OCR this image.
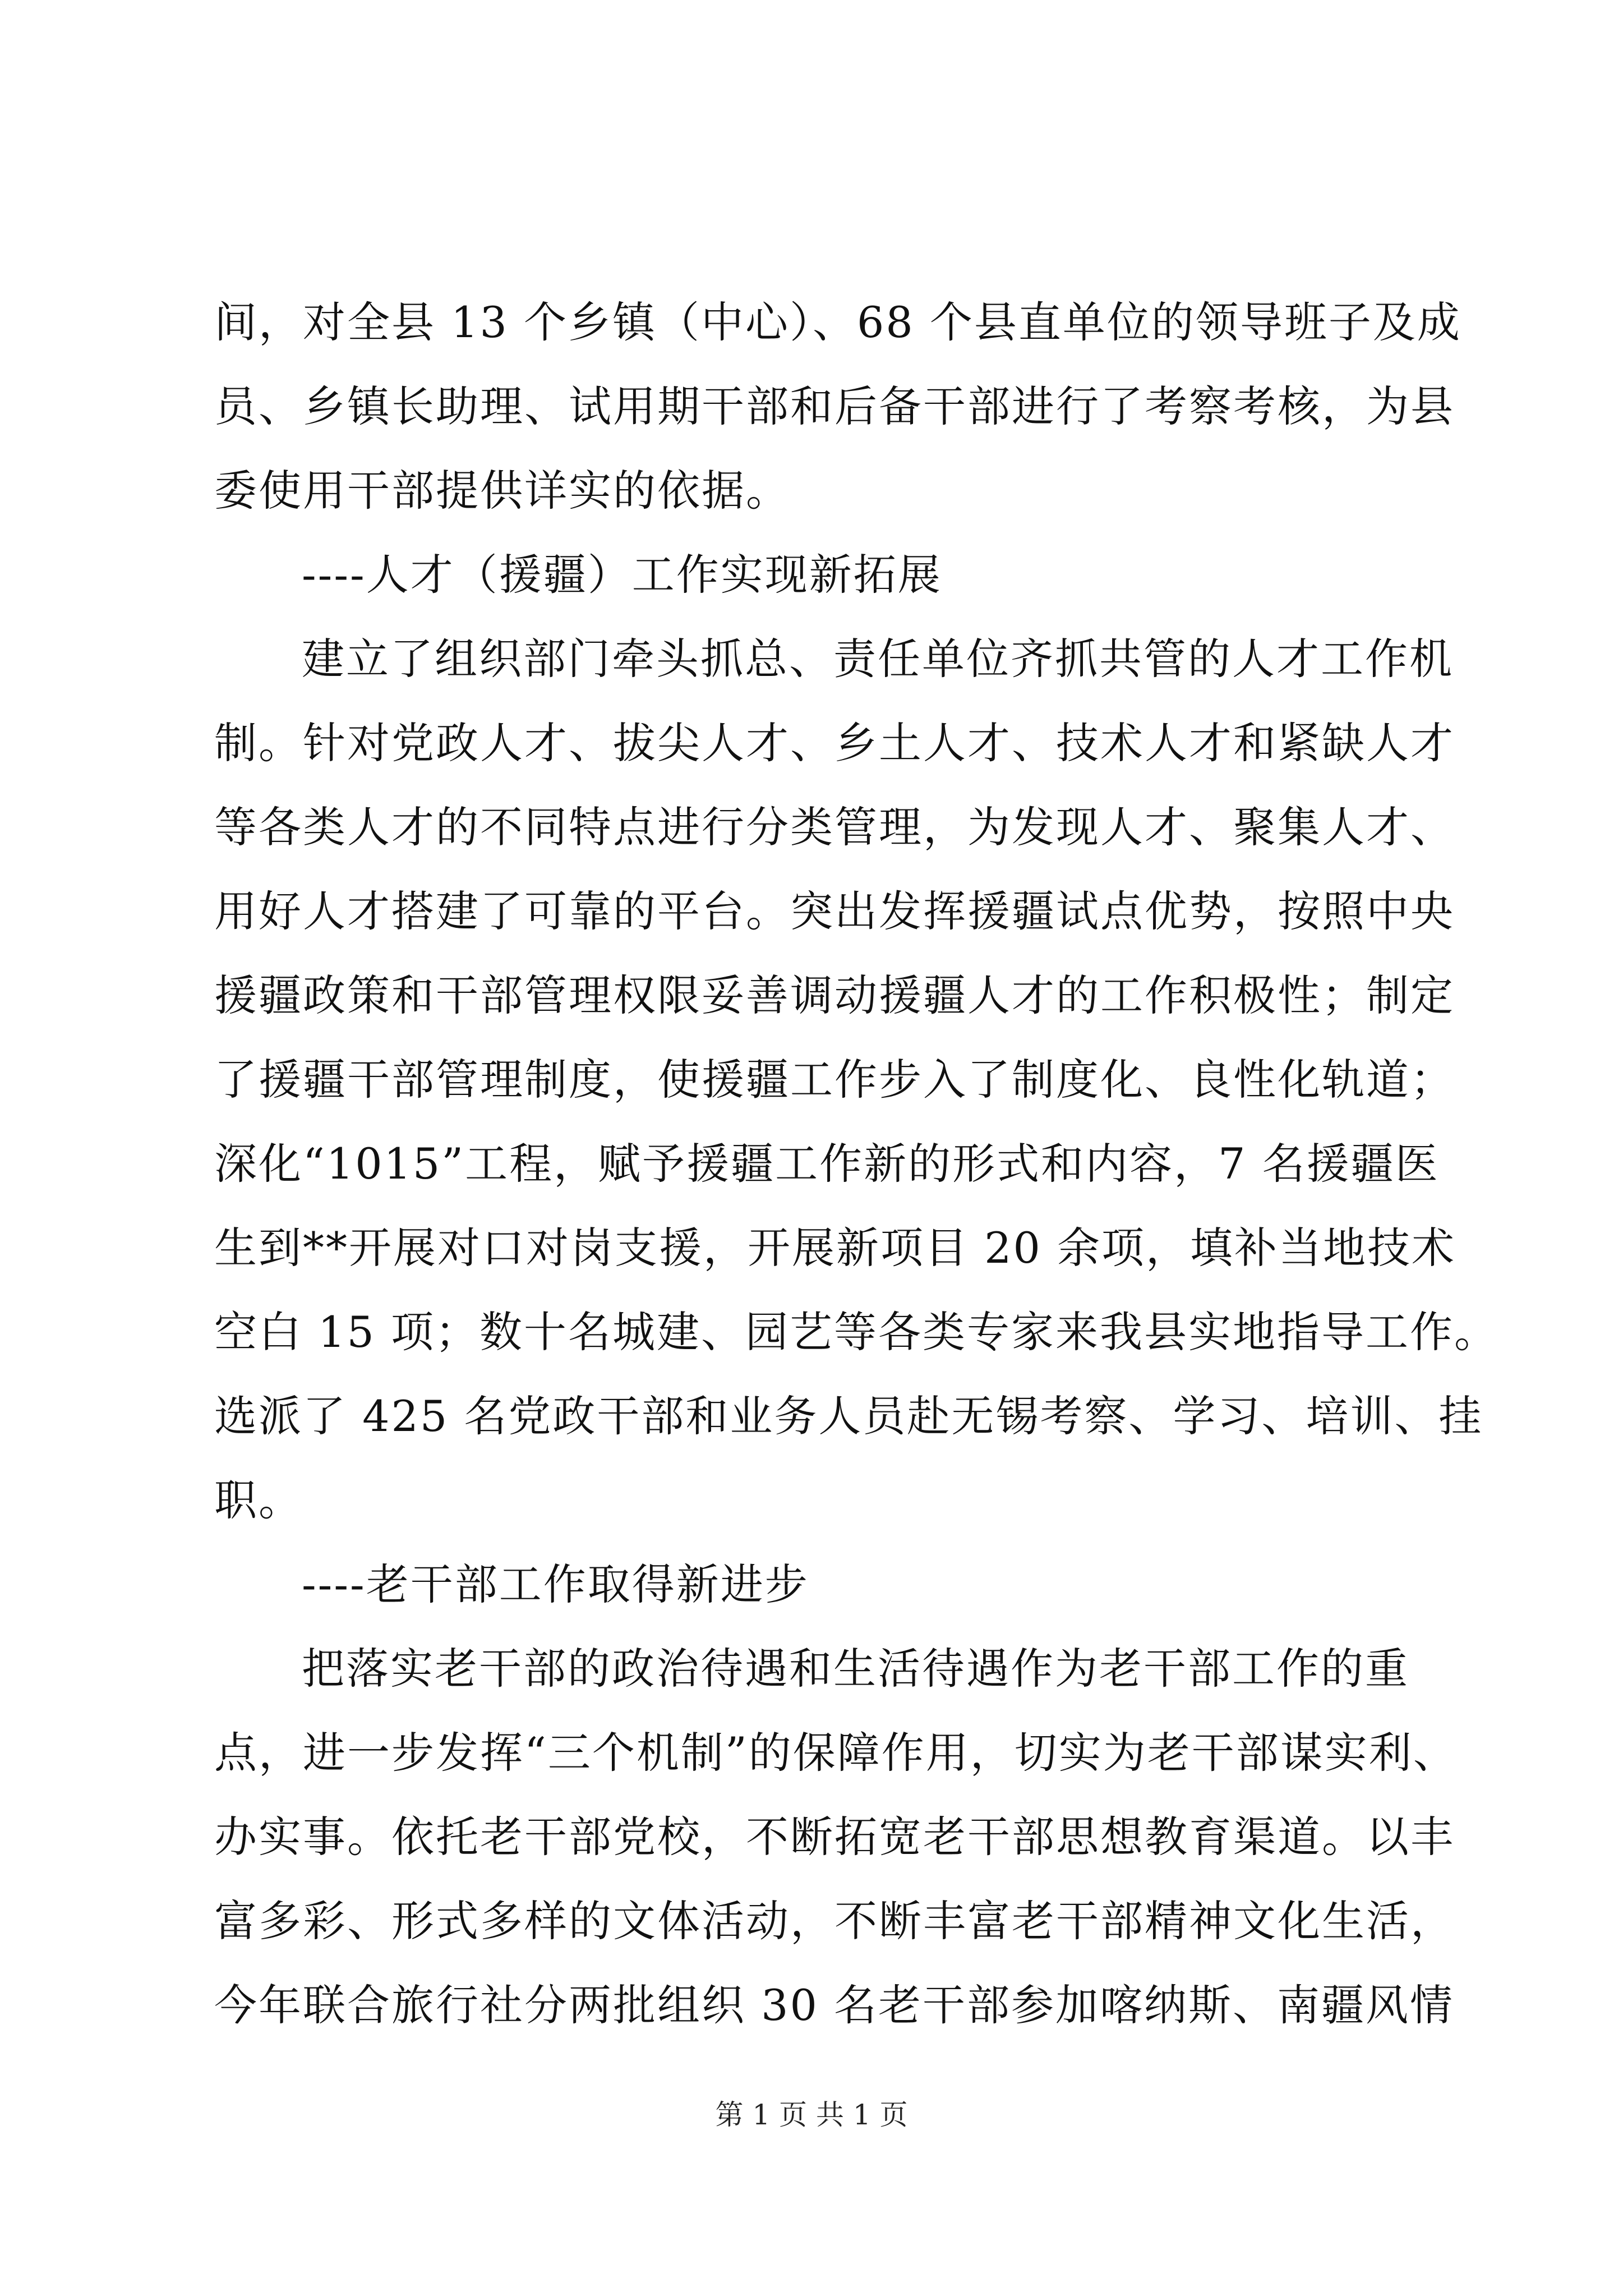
间，对全县 13 个乡镇（中心）、68 个县直单位的领导班子及成
员、乡镇长助理、试用期干部和后备干部进行了考察考核，为县
委使用干部提供详实的依据。
----人才（援疆）工作实现新拓展
建立了组织部门牵头抓总、责任单位齐抓共管的人才工作机
制。针对党政人才、拔尖人才、乡土人才、技术人才和紧缺人才
等各类人才的不同特点进行分类管理，为发现人才、聚集人才、
用好人才搭建了可靠的平台。突出发挥援疆试点优势，按照中央
援疆政策和干部管理权限妥善调动援疆人才的工作积极性；制定
了援疆干部管理制度，使援疆工作步入了制度化、良性化轨道；
深化“1015”工程，赋予援疆工作新的形式和内容，7 名援疆医
生到**开展对口对岗支援，开展新项目 20 余项，填补当地技术
空白 15 项；数十名城建、园艺等各类专家来我县实地指导工作。
选派了 425 名党政干部和业务人员赴无锡考察、学习、培训、挂
职。
----老干部工作取得新进步
把落实老干部的政治待遇和生活待遇作为老干部工作的重
点，进一步发挥“三个机制”的保障作用，切实为老干部谋实利、
办实事。依托老干部党校，不断拓宽老干部思想教育渠道。以丰
富多彩、形式多样的文体活动，不断丰富老干部精神文化生活，
今年联合旅行社分两批组织 30 名老干部参加喀纳斯、南疆风情
第 1 页 共 1 页
